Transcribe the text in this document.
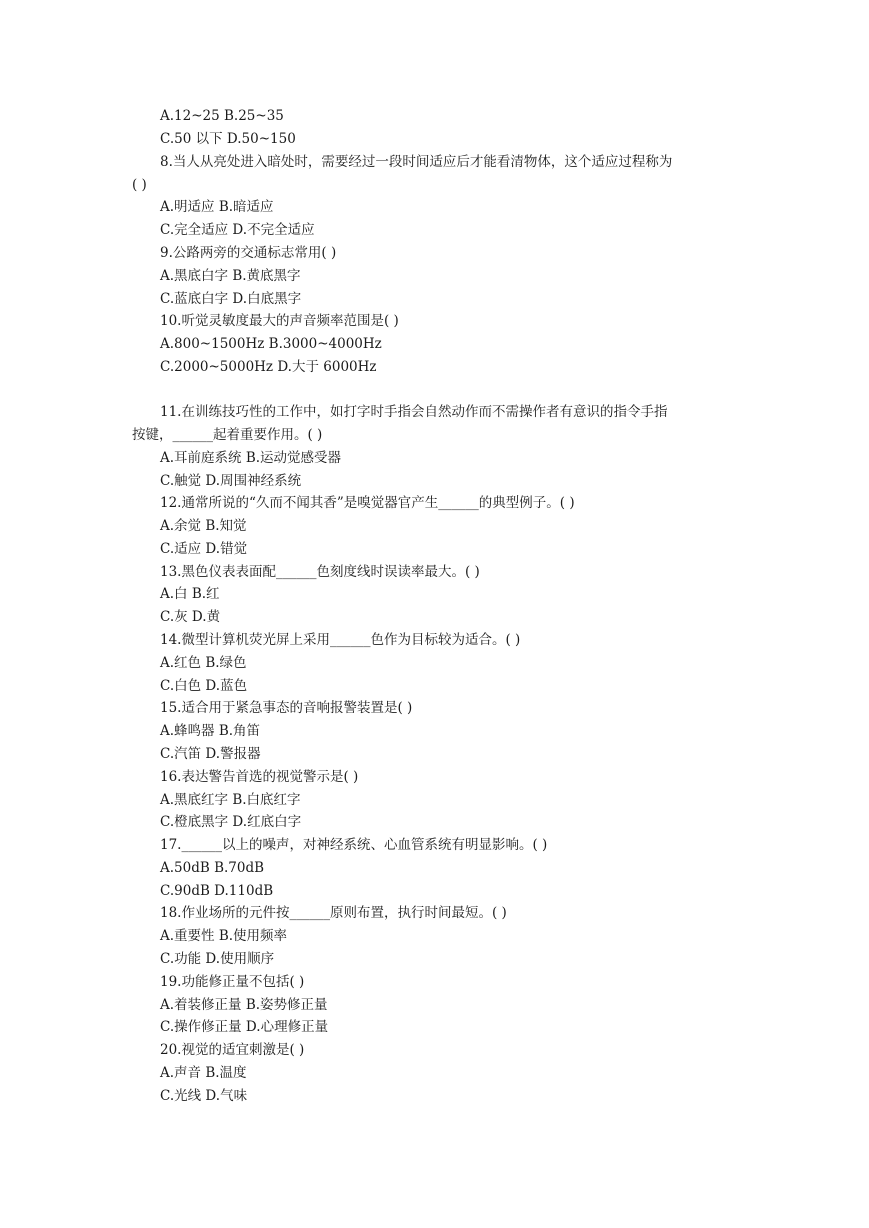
A.12~25 B.25~35
C.50 以下 D.50~150
8.当人从亮处进入暗处时，需要经过一段时间适应后才能看清物体，这个适应过程称为
( )
A.明适应 B.暗适应
C.完全适应 D.不完全适应
9.公路两旁的交通标志常用( )
A.黑底白字 B.黄底黑字
C.蓝底白字 D.白底黑字
10.听觉灵敏度最大的声音频率范围是( )
A.800~1500Hz B.3000~4000Hz
C.2000~5000Hz D.大于 6000Hz
11.在训练技巧性的工作中，如打字时手指会自然动作而不需操作者有意识的指令手指
按键，______起着重要作用。( )
A.耳前庭系统 B.运动觉感受器
C.触觉 D.周围神经系统
12.通常所说的“久而不闻其香”是嗅觉器官产生______的典型例子。( )
A.余觉 B.知觉
C.适应 D.错觉
13.黑色仪表表面配______色刻度线时误读率最大。( )
A.白 B.红
C.灰 D.黄
14.微型计算机荧光屏上采用______色作为目标较为适合。( )
A.红色 B.绿色
C.白色 D.蓝色
15.适合用于紧急事态的音响报警装置是( )
A.蜂鸣器 B.角笛
C.汽笛 D.警报器
16.表达警告首选的视觉警示是( )
A.黑底红字 B.白底红字
C.橙底黑字 D.红底白字
17.______以上的噪声，对神经系统、心血管系统有明显影响。( )
A.50dB B.70dB
C.90dB D.110dB
18.作业场所的元件按______原则布置，执行时间最短。( )
A.重要性 B.使用频率
C.功能 D.使用顺序
19.功能修正量不包括( )
A.着装修正量 B.姿势修正量
C.操作修正量 D.心理修正量
20.视觉的适宜刺激是( )
A.声音 B.温度
C.光线 D.气味
